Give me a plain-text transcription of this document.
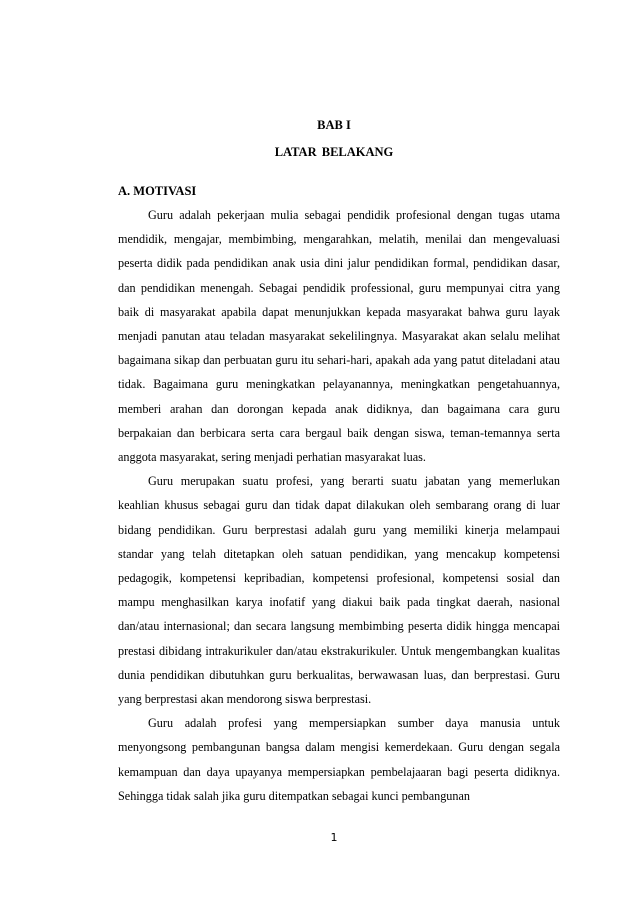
BAB I
LATAR BELAKANG
A. MOTIVASI

Guru adalah pekerjaan mulia sebagai pendidik profesional dengan tugas utama mendidik, mengajar, membimbing, mengarahkan, melatih, menilai dan mengevaluasi peserta didik pada pendidikan anak usia dini jalur pendidikan formal, pendidikan dasar, dan pendidikan menengah. Sebagai pendidik professional, guru mempunyai citra yang baik di masyarakat apabila dapat menunjukkan kepada masyarakat bahwa guru layak menjadi panutan atau teladan masyarakat sekelilingnya. Masyarakat akan selalu melihat bagaimana sikap dan perbuatan guru itu sehari-hari, apakah ada yang patut diteladani atau tidak. Bagaimana guru meningkatkan pelayanannya, meningkatkan pengetahuannya, memberi arahan dan dorongan kepada anak didiknya, dan bagaimana cara guru berpakaian dan berbicara serta cara bergaul baik dengan siswa, teman-temannya serta anggota masyarakat, sering menjadi perhatian masyarakat luas.

Guru merupakan suatu profesi, yang berarti suatu jabatan yang memerlukan keahlian khusus sebagai guru dan tidak dapat dilakukan oleh sembarang orang di luar bidang pendidikan. Guru berprestasi adalah guru yang memiliki kinerja melampaui standar yang telah ditetapkan oleh satuan pendidikan, yang mencakup kompetensi pedagogik, kompetensi kepribadian, kompetensi profesional, kompetensi sosial dan mampu menghasilkan karya inofatif yang diakui baik pada tingkat daerah, nasional dan/atau internasional; dan secara langsung membimbing peserta didik hingga mencapai prestasi dibidang intrakurikuler dan/atau ekstrakurikuler. Untuk mengembangkan kualitas dunia pendidikan dibutuhkan guru berkualitas, berwawasan luas, dan berprestasi. Guru yang berprestasi akan mendorong siswa berprestasi.

Guru adalah profesi yang mempersiapkan sumber daya manusia untuk menyongsong pembangunan bangsa dalam mengisi kemerdekaan. Guru dengan segala kemampuan dan daya upayanya mempersiapkan pembelajaaran bagi peserta didiknya. Sehingga tidak salah jika guru ditempatkan sebagai kunci pembangunan

1
